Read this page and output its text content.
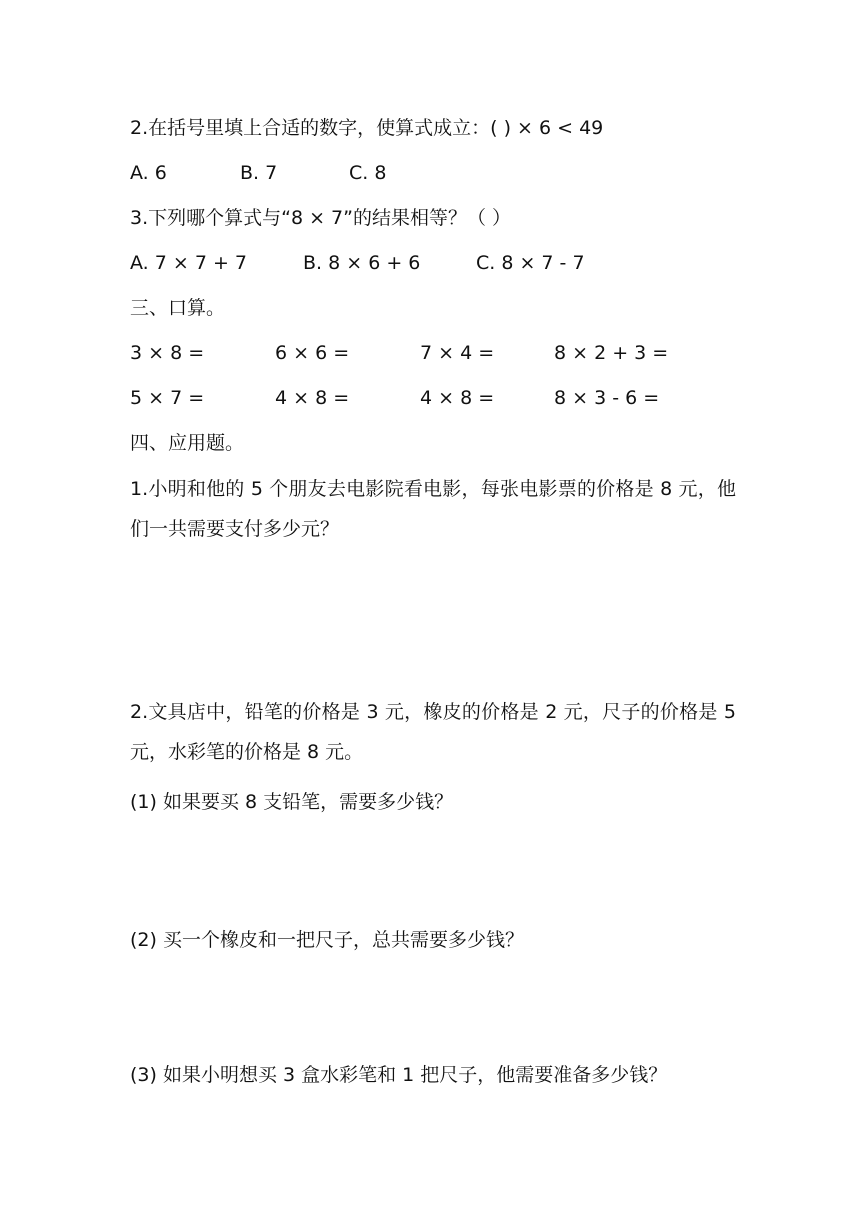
2.在括号里填上合适的数字，使算式成立：( ) × 6 < 49
A. 6	B. 7	C. 8
3.下列哪个算式与“8 × 7”的结果相等？（ ）
A. 7 × 7 + 7	B. 8 × 6 + 6	C. 8 × 7 - 7
三、口算。
3 × 8 =	6 × 6 =	7 × 4 =	8 × 2 + 3 =
5 × 7 =	4 × 8 =	4 × 8 =	8 × 3 - 6 =
四、应用题。
1.小明和他的 5 个朋友去电影院看电影，每张电影票的价格是 8 元，他们一共需要支付多少元？
2.文具店中，铅笔的价格是 3 元，橡皮的价格是 2 元，尺子的价格是 5 元，水彩笔的价格是 8 元。
(1) 如果要买 8 支铅笔，需要多少钱？
(2) 买一个橡皮和一把尺子，总共需要多少钱？
(3) 如果小明想买 3 盒水彩笔和 1 把尺子，他需要准备多少钱？
